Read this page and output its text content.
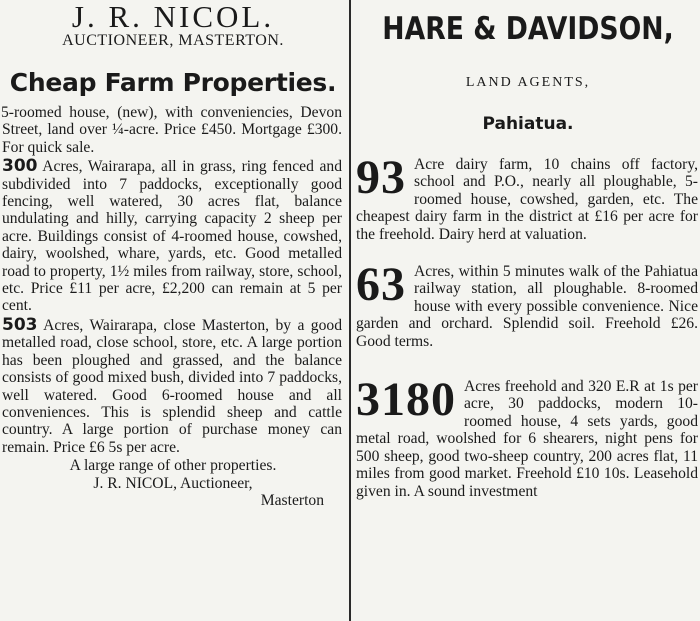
J. R. NICOL.
AUCTIONEER, MASTERTON.
Cheap Farm Properties.

5-roomed house, (new), with conveniencies, Devon Street, land over ¼-acre. Price £450. Mortgage £300. For quick sale.

300 Acres, Wairarapa, all in grass, ring fenced and subdivided into 7 paddocks, exceptionally good fencing, well watered, 30 acres flat, balance undulating and hilly, carrying capacity 2 sheep per acre. Buildings consist of 4-roomed house, cowshed, dairy, woolshed, whare, yards, etc. Good metalled road to property, 1½ miles from railway, store, school, etc. Price £11 per acre, £2,200 can remain at 5 per cent.

503 Acres, Wairarapa, close Masterton, by a good metalled road, close school, store, etc. A large portion has been ploughed and grassed, and the balance consists of good mixed bush, divided into 7 paddocks, well watered. Good 6-roomed house and all conveniences. This is splendid sheep and cattle country. A large portion of purchase money can remain. Price £6 5s per acre.

A large range of other properties.
J. R. NICOL, Auctioneer,
Masterton
HARE & DAVIDSON,
LAND AGENTS,
Pahiatua.
93 Acre dairy farm, 10 chains off factory, school and P.O., nearly all ploughable, 5-roomed house, cowshed, garden, etc. The cheapest dairy farm in the district at £16 per acre for the freehold. Dairy herd at valuation.

63 Acres, within 5 minutes walk of the Pahiatua railway station, all ploughable. 8-roomed house with every possible convenience. Nice garden and orchard. Splendid soil. Freehold £26. Good terms.

3180 Acres freehold and 320 E.R at 1s per acre, 30 paddocks, modern 10-roomed house, 4 sets yards, good metal road, woolshed for 6 shearers, night pens for 500 sheep, good two-sheep country, 200 acres flat, 11 miles from good market. Freehold £10 10s. Leasehold given in. A sound investment
